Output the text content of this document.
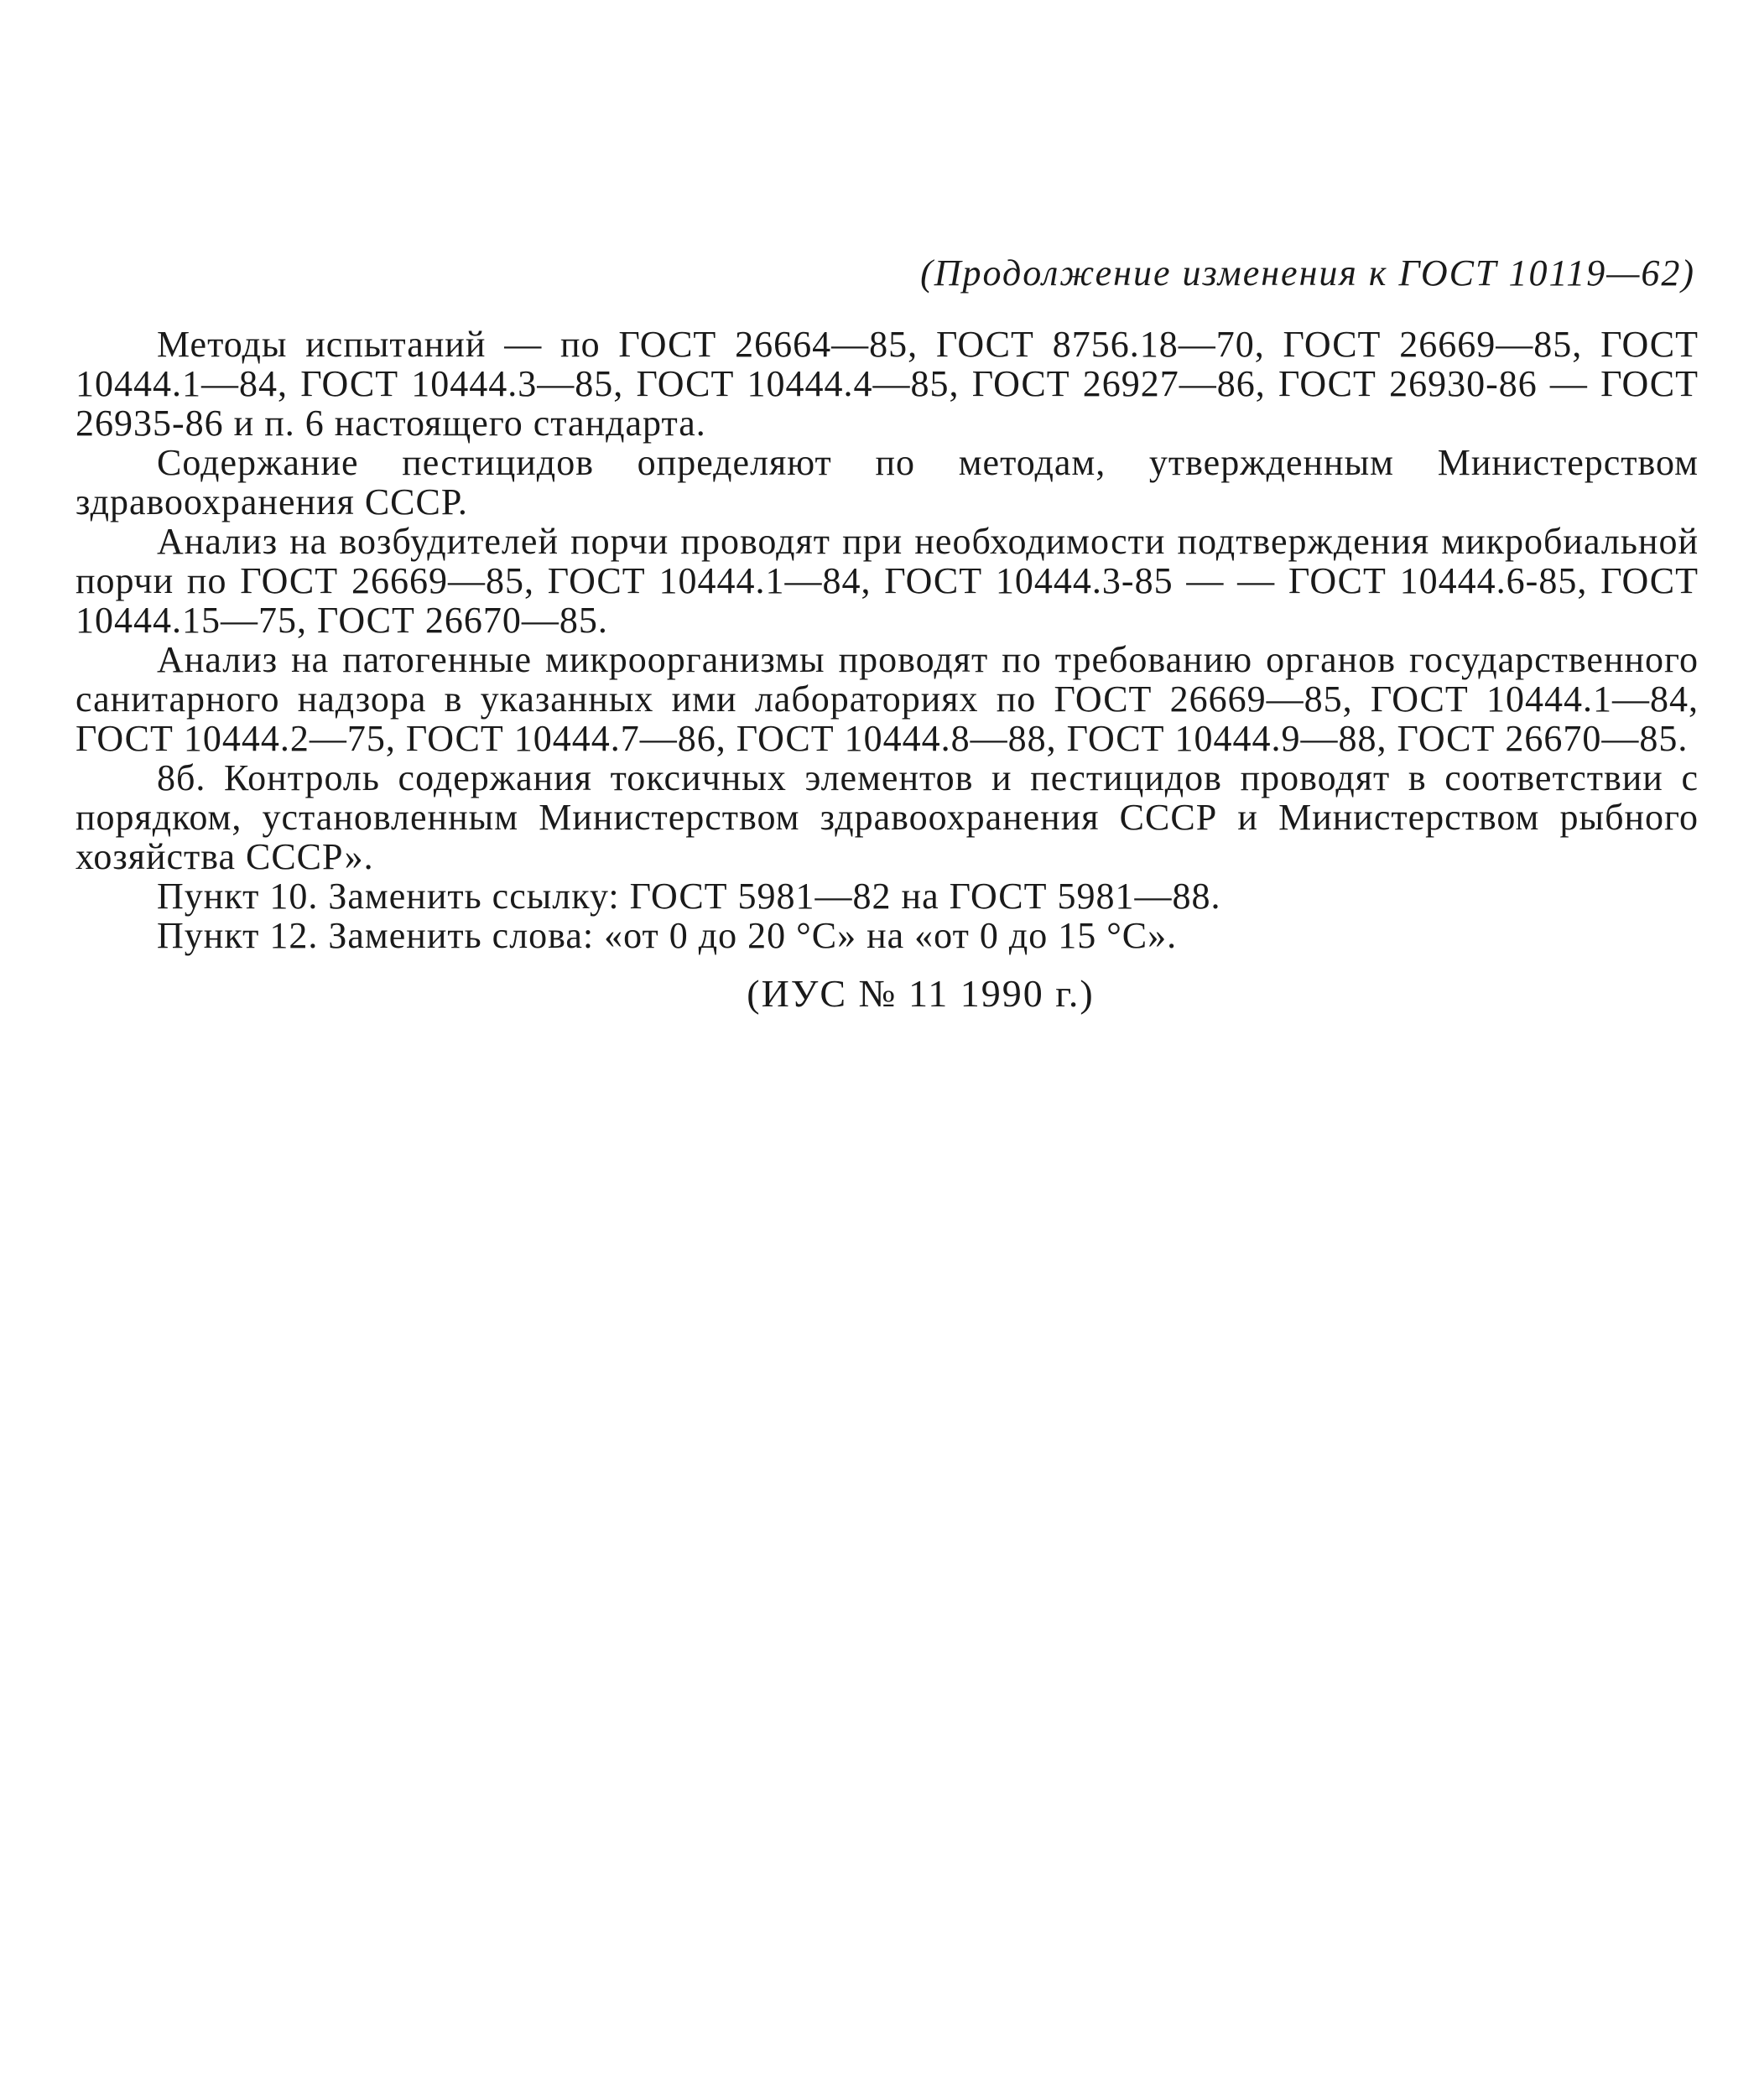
(Продолжение изменения к ГОСТ 10119—62)

Методы испытаний — по ГОСТ 26664—85, ГОСТ 8756.18—70, ГОСТ 26669—85, ГОСТ 10444.1—84, ГОСТ 10444.3—85, ГОСТ 10444.4—85, ГОСТ 26927—86, ГОСТ 26930-86 — ГОСТ 26935-86 и п. 6 настоящего стандарта.

Содержание пестицидов определяют по методам, утвержденным Министерством здравоохранения СССР.

Анализ на возбудителей порчи проводят при необходимости подтверждения микробиальной порчи по ГОСТ 26669—85, ГОСТ 10444.1—84, ГОСТ 10444.3-85 — — ГОСТ 10444.6-85, ГОСТ 10444.15—75, ГОСТ 26670—85.

Анализ на патогенные микроорганизмы проводят по требованию органов государственного санитарного надзора в указанных ими лабораториях по ГОСТ 26669—85, ГОСТ 10444.1—84, ГОСТ 10444.2—75, ГОСТ 10444.7—86, ГОСТ 10444.8—88, ГОСТ 10444.9—88, ГОСТ 26670—85.

8б. Контроль содержания токсичных элементов и пестицидов проводят в соответствии с порядком, установленным Министерством здравоохранения СССР и Министерством рыбного хозяйства СССР».

Пункт 10. Заменить ссылку: ГОСТ 5981—82 на ГОСТ 5981—88.

Пункт 12. Заменить слова: «от 0 до 20 °С» на «от 0 до 15 °С».

(ИУС № 11 1990 г.)
